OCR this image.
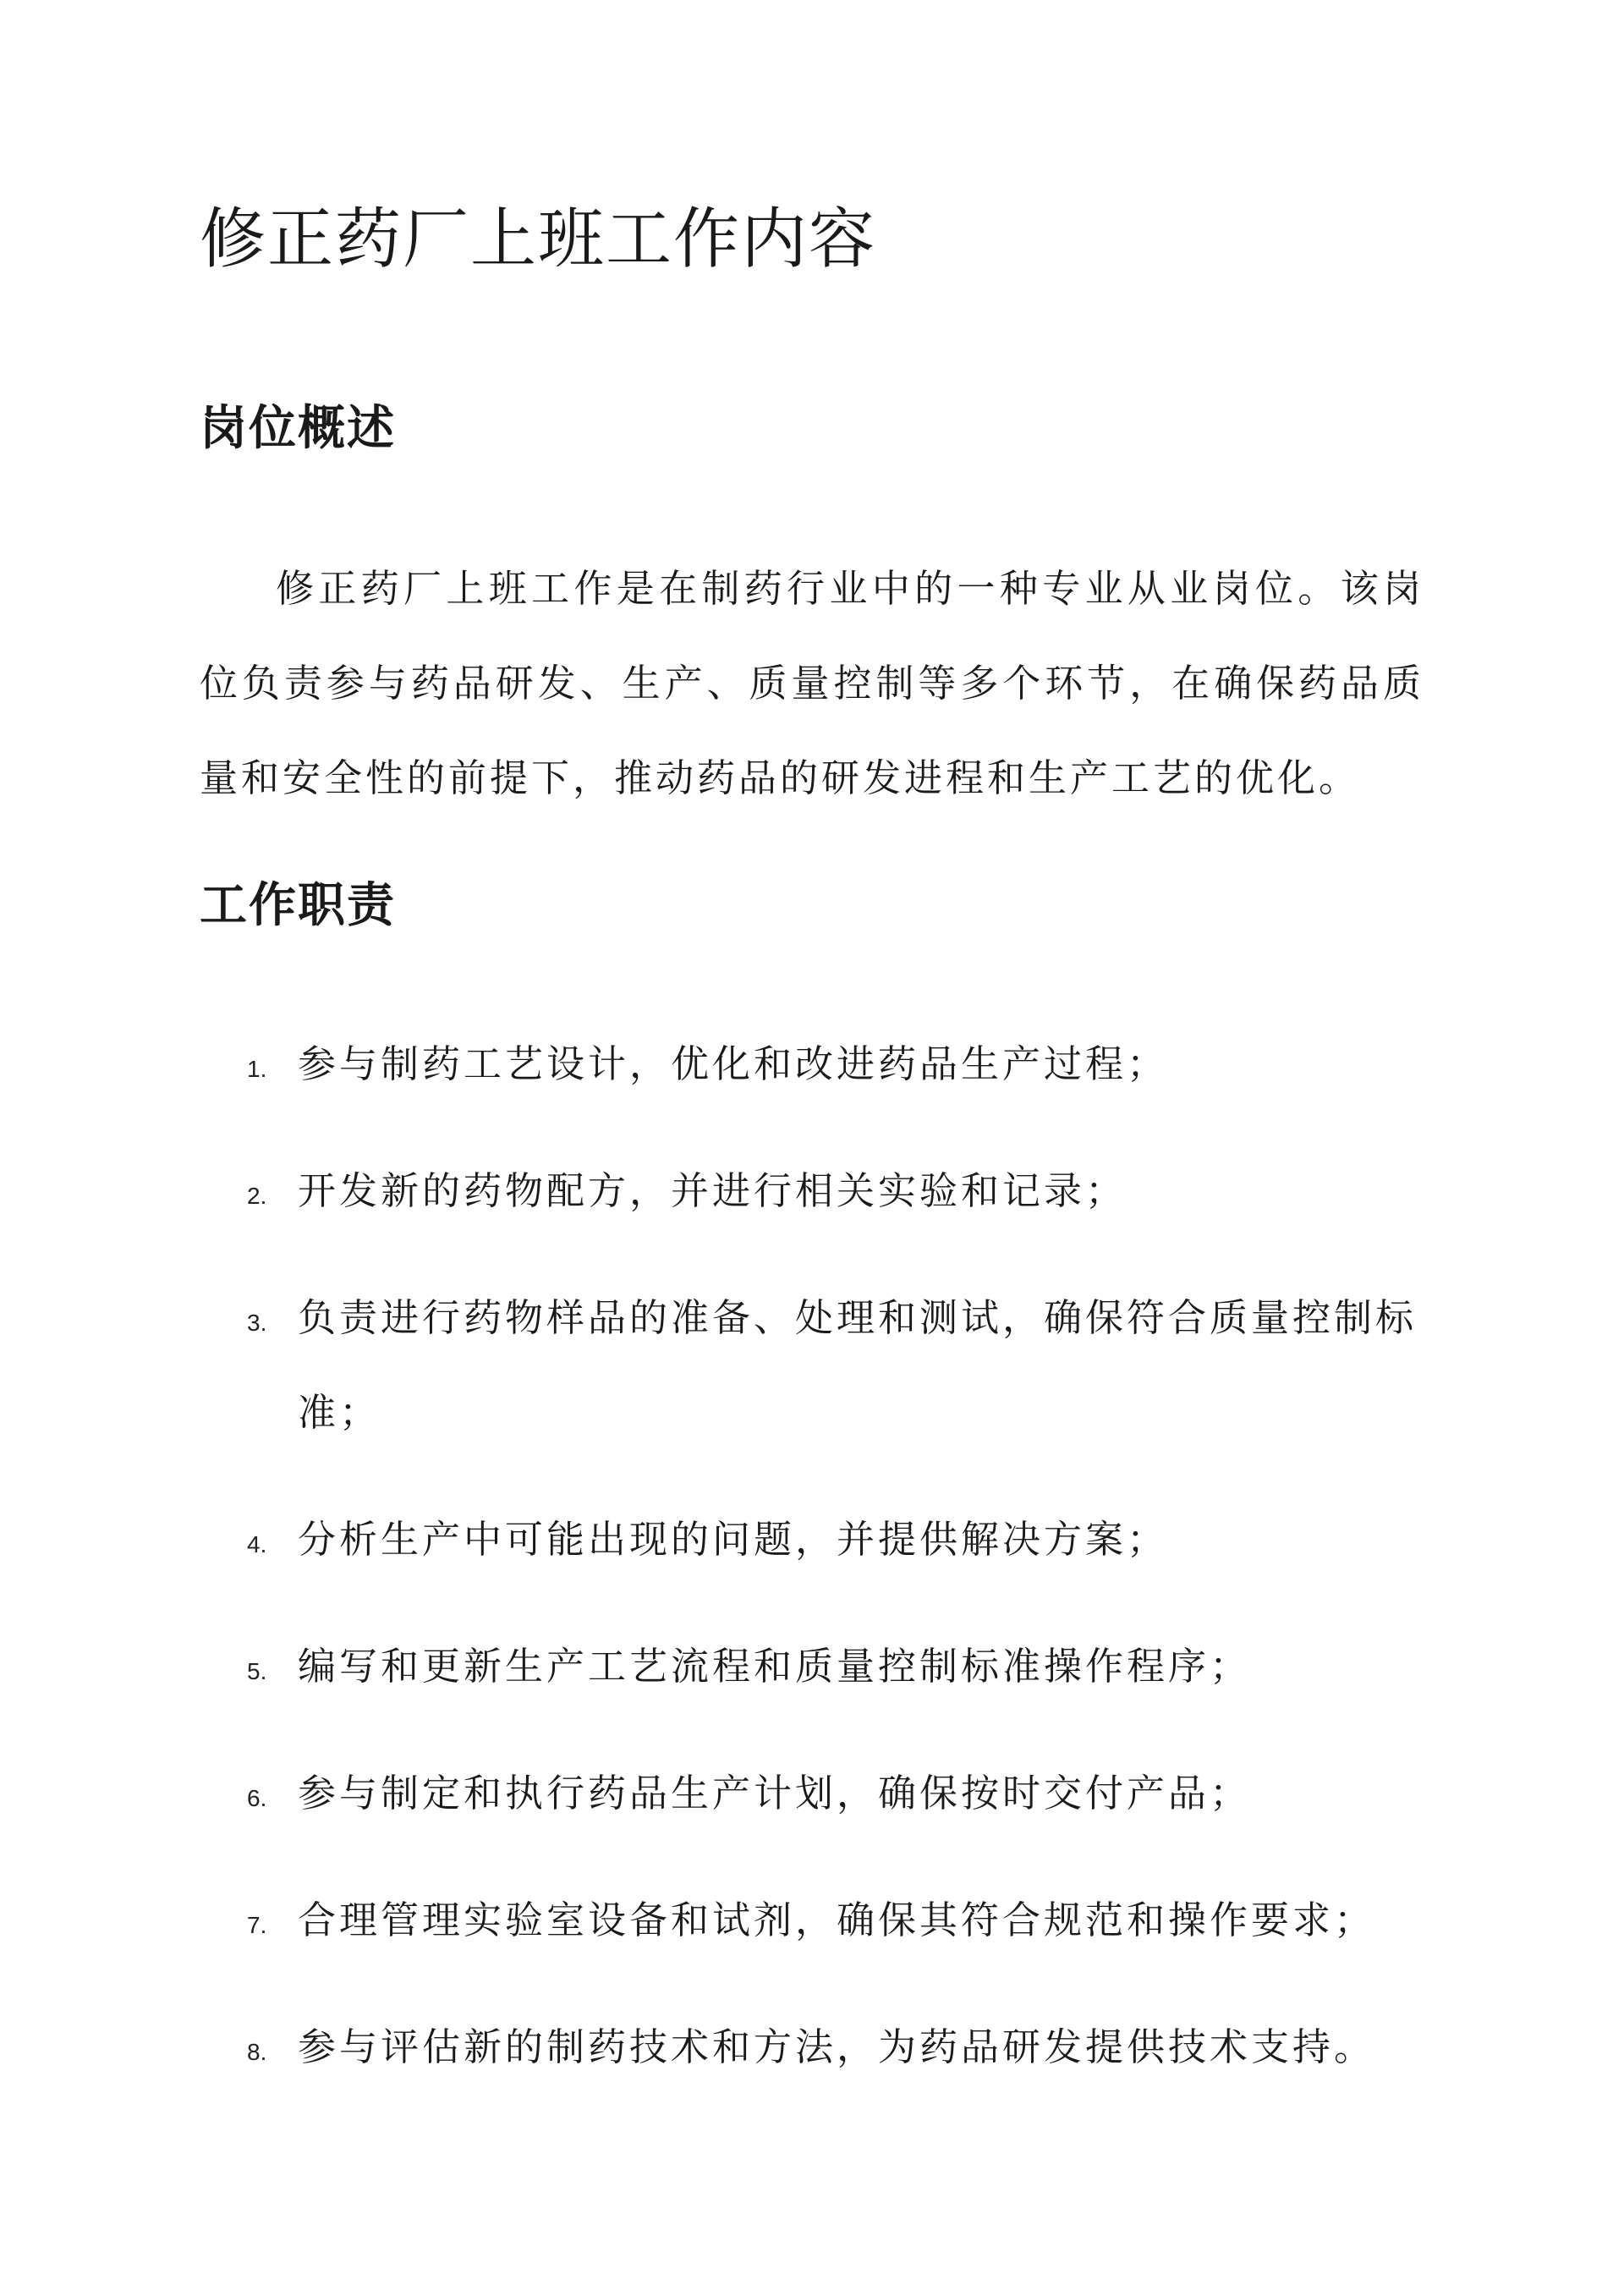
修正药厂上班工作内容
岗位概述

修正药厂上班工作是在制药行业中的一种专业从业岗位。该岗位负责参与药品研发、生产、质量控制等多个环节，在确保药品质量和安全性的前提下，推动药品的研发进程和生产工艺的优化。

工作职责
1. 参与制药工艺设计，优化和改进药品生产过程；
2. 开发新的药物配方，并进行相关实验和记录；
3. 负责进行药物样品的准备、处理和测试，确保符合质量控制标准；
4. 分析生产中可能出现的问题，并提供解决方案；
5. 编写和更新生产工艺流程和质量控制标准操作程序；
6. 参与制定和执行药品生产计划，确保按时交付产品；
7. 合理管理实验室设备和试剂，确保其符合规范和操作要求；
8. 参与评估新的制药技术和方法，为药品研发提供技术支持。
